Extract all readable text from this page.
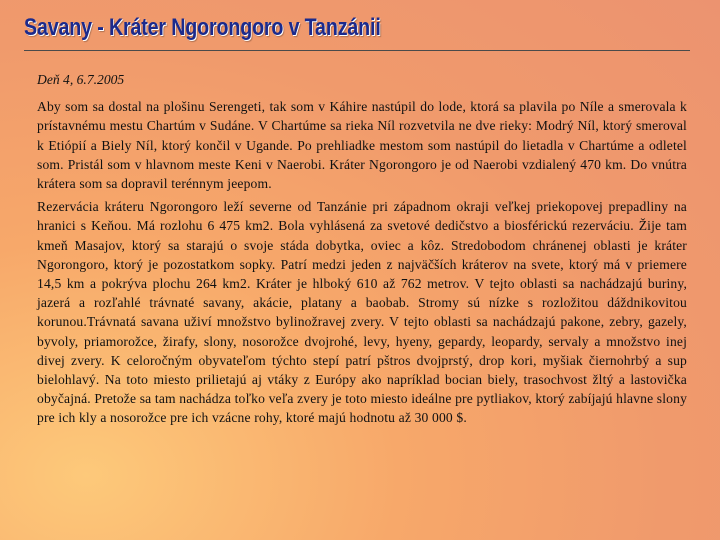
Savany - Kráter Ngorongoro v Tanzánii

Deň 4, 6.7.2005

Aby som sa dostal na plošinu Serengeti, tak som v Káhire nastúpil do lode, ktorá sa plavila po Níle a smerovala k prístavnému mestu Chartúm v Sudáne. V Chartúme sa rieka Níl rozvetvila ne dve rieky: Modrý Níl, ktorý smeroval k Etiópií a Biely Níl, ktorý končil v Ugande. Po prehliadke mestom som nastúpil do lietadla v Chartúme a odletel som. Pristál som v hlavnom meste Keni v Naerobi. Kráter Ngorongoro je od Naerobi vzdialený 470 km. Do vnútra krátera som sa dopravil terénnym jeepom.

Rezervácia kráteru Ngorongoro leží severne od Tanzánie pri západnom okraji veľkej priekopovej prepadliny na hranici s Keňou. Má rozlohu 6 475 km2. Bola vyhlásená za svetové dedičstvo a biosférickú rezerváciu. Žije tam kmeň Masajov, ktorý sa starajú o svoje stáda dobytka, oviec a kôz. Stredobodom chránenej oblasti je kráter Ngorongoro, ktorý je pozostatkom sopky. Patrí medzi jeden z najväčších kráterov na svete, ktorý má v priemere 14,5 km a pokrýva plochu 264 km2. Kráter je hlboký 610 až 762 metrov. V tejto oblasti sa nachádzajú buriny, jazerá a rozľahlé trávnaté savany, akácie, platany a baobab. Stromy sú nízke s rozložitou dáždnikovitou korunou.Trávnatá savana uživí množstvo bylinožravej zvery. V tejto oblasti sa nachádzajú pakone, zebry, gazely, byvoly, priamorožce, žirafy, slony, nosorožce dvojrohé, levy, hyeny, gepardy, leopardy, servaly a množstvo inej divej zvery. K celoročným obyvateľom týchto stepí patrí pštros dvojprstý, drop kori, myšiak čiernohrbý a sup bielohlavý. Na toto miesto prilietajú aj vtáky z Európy ako napríklad bocian biely, trasochvost žltý a lastovička obyčajná. Pretože sa tam nachádza toľko veľa zvery je toto miesto ideálne pre pytliakov, ktorý zabíjajú hlavne slony pre ich kly a nosorožce pre ich vzácne rohy, ktoré majú hodnotu až 30 000 $.
